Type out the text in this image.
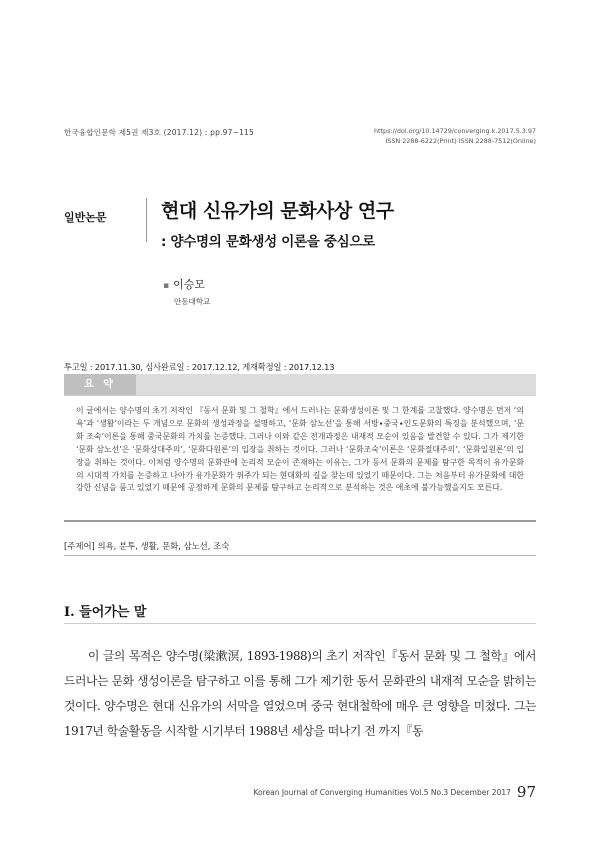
한국융합인문학 제5권 제3호 (2017.12) : pp.97~115	https://doi.org/10.14729/converging.k.2017.5.3.97
ISSN 2288-6222(Print) ISSN 2288-7512(Online)
일반논문	현대 신유가의 문화사상 연구
: 양수명의 문화생성 이론을 중심으로
▪ 이승모
안동대학교
투고일 : 2017.11.30, 심사완료일 : 2017.12.12, 게재확정일 : 2017.12.13
요 약
이 글에서는 양수명의 초기 저작인 『동서 문화 및 그 철학』에서 드러나는 문화생성이론 및 그 한계를 고찰했다. 양수명은 먼저 ‘의욕’과 ‘생활’이라는 두 개념으로 문화의 생성과정을 설명하고, ‘문화 삼노선’을 통해 서방∙중국∙인도문화의 특징을 분석했으며, ‘문화 조숙’이론을 통해 중국문화의 가치를 논증했다. 그러나 이와 같은 전개과정은 내재적 모순이 있음을 발견할 수 있다. 그가 제기한 ‘문화 삼노선’은 ‘문화상대주의’, ‘문화다원론’의 입장을 취하는 것이다. 그러나 ‘문화조숙’이론은 ‘문화절대주의’, ‘문화일원론’의 입장을 취하는 것이다. 이처럼 양수명의 문화관에 논리적 모순이 존재하는 이유는, 그가 동서 문화의 문제를 탐구한 목적이 유가문화의 시대적 가치를 논증하고 나아가 유가문화가 위주가 되는 현대화의 길을 찾는데 있었기 때문이다. 그는 처음부터 유가문화에 대한 강한 신념을 품고 있었기 때문에 공정하게 문화의 문제를 탐구하고 논리적으로 분석하는 것은 애초에 불가능했을지도 모른다.
[주제어] 의욕, 분투, 생활, 문화, 삼노선, 조숙
Ⅰ. 들어가는 말

이 글의 목적은 양수명(梁漱溟, 1893-1988)의 초기 저작인『동서 문화 및 그 철학』에서 드러나는 문화 생성이론을 탐구하고 이를 통해 그가 제기한 동서 문화관의 내재적 모순을 밝히는 것이다. 양수명은 현대 신유가의 서막을 열었으며 중국 현대철학에 매우 큰 영향을 미쳤다. 그는 1917년 학술활동을 시작할 시기부터 1988년 세상을 떠나기 전 까지『동

Korean Journal of Converging Humanities Vol.5 No.3 December 2017 97
